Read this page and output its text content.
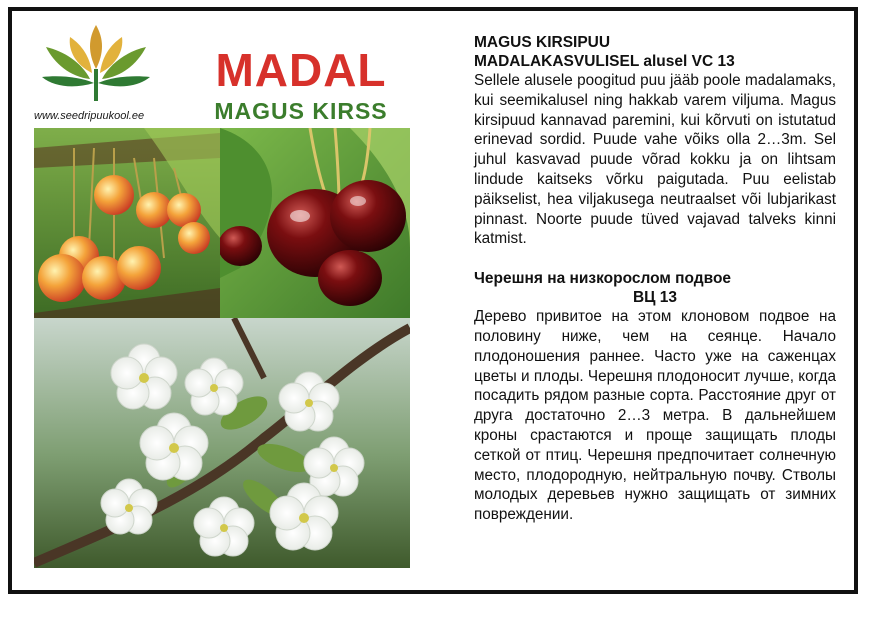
www.seedripuukool.ee
MADAL
MAGUS KIRSS

MAGUS KIRSIPUU

MADALAKASVULISEL alusel VC 13

Sellele alusele poogitud puu jääb poole madalamaks, kui seemikalusel ning hakkab varem viljuma. Magus kirsipuud kannavad paremini, kui kõrvuti on istutatud erinevad sordid. Puude vahe võiks olla 2…3m. Sel juhul kasvavad puude võrad kokku ja on lihtsam lindude kaitseks võrku paigutada. Puu eelistab päikselist, hea viljakusega neutraalset või lubjarikast pinnast. Noorte puude tüved vajavad talveks kinni katmist.

Черешня на низкорослом подвое

ВЦ 13

Дерево привитое на этом клоновом подвое на половину ниже, чем на сеянце. Начало плодоношения раннее. Часто уже на саженцах цветы и плоды. Черешня плодоносит лучше, когда посадить рядом разные сорта. Расстояние друг от друга достаточно 2…3 метра. В дальнейшем кроны срастаются и проще защищать плоды сеткой от птиц. Черешня предпочитает солнечную место, плодородную, нейтральную почву. Стволы молодых деревьев нужно защищать от зимних повреждении.
